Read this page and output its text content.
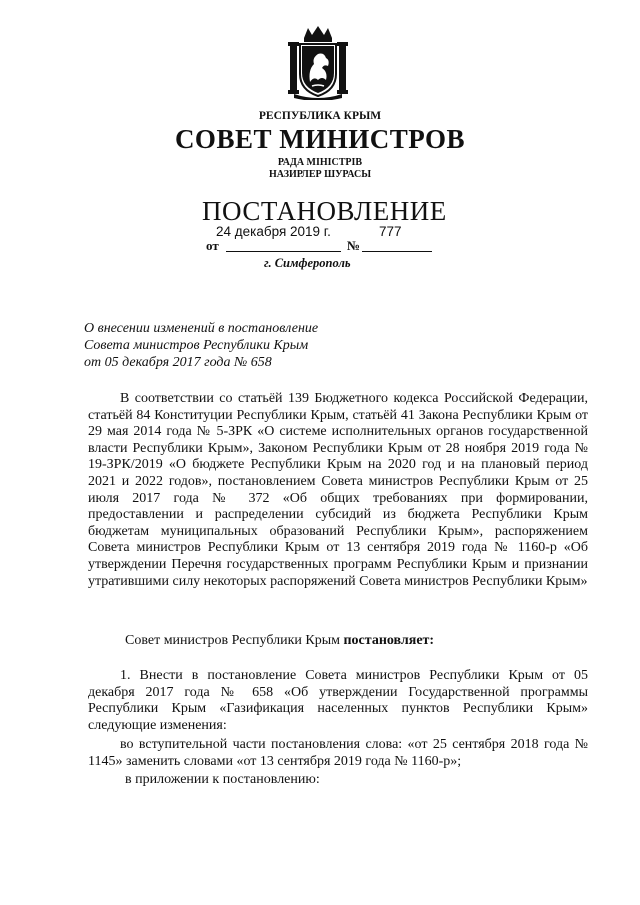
РЕСПУБЛИКА КРЫМ
СОВЕТ МИНИСТРОВ
РАДА МІНІСТРІВ
НАЗИРЛЕР ШУРАСЫ
ПОСТАНОВЛЕНИЕ
24 декабря 2019 г.	777
от	№
г. Симферополь
О внесении изменений в постановление
Совета министров Республики Крым
от 05 декабря 2017 года № 658
В соответствии со статьёй 139 Бюджетного кодекса Российской Федерации, статьёй 84 Конституции Республики Крым, статьёй 41 Закона Республики Крым от 29 мая 2014 года № 5-ЗРК «О системе исполнительных органов государственной власти Республики Крым», Законом Республики Крым от 28 ноября 2019 года № 19-ЗРК/2019 «О бюджете Республики Крым на 2020 год и на плановый период 2021 и 2022 годов», постановлением Совета министров Республики Крым от 25 июля 2017 года № 372 «Об общих требованиях при формировании, предоставлении и распределении субсидий из бюджета Республики Крым бюджетам муниципальных образований Республики Крым», распоряжением Совета министров Республики Крым от 13 сентября 2019 года № 1160-р «Об утверждении Перечня государственных программ Республики Крым и признании утратившими силу некоторых распоряжений Совета министров Республики Крым»
Совет министров Республики Крым постановляет:
1. Внести в постановление Совета министров Республики Крым от 05 декабря 2017 года № 658 «Об утверждении Государственной программы Республики Крым «Газификация населенных пунктов Республики Крым» следующие изменения:
во вступительной части постановления слова: «от 25 сентября 2018 года № 1145» заменить словами «от 13 сентября 2019 года № 1160-р»;
в приложении к постановлению:
